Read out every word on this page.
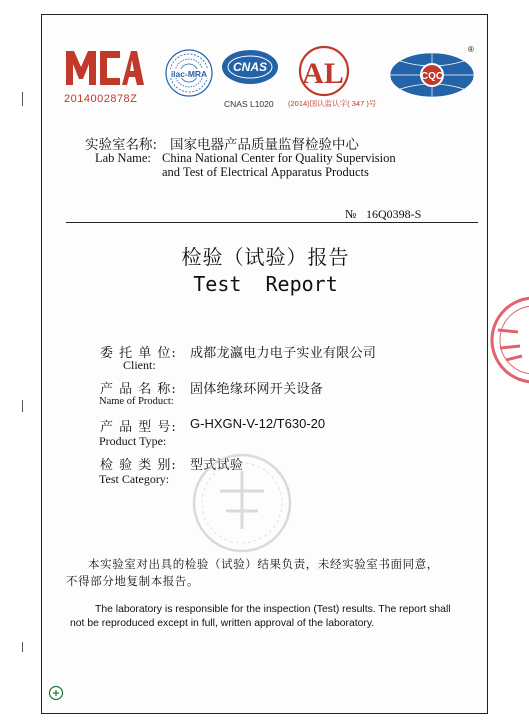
2014002878Z
ilac-MRA CNAS
CNAS L1020
AL
(2014)国认监认字( 347 )号
CQC
®
实验室名称: 国家电器产品质量监督检验中心
Lab Name: China National Center for Quality Supervision
and Test of Electrical Apparatus Products
№ 16Q0398-S
检验（试验）报告
Test  Report
委 托 单 位: 成都龙瀛电力电子实业有限公司
Client:
产 品 名 称: 固体绝缘环网开关设备
Name of Product:
产 品 型 号: G-HXGN-V-12/T630-20
Product Type:
检 验 类 别: 型式试验
Test Category:
本实验室对出具的检验（试验）结果负责，未经实验室书面同意，
不得部分地复制本报告。
The laboratory is responsible for the inspection (Test) results. The report shall
not be reproduced except in full, written approval of the laboratory.
